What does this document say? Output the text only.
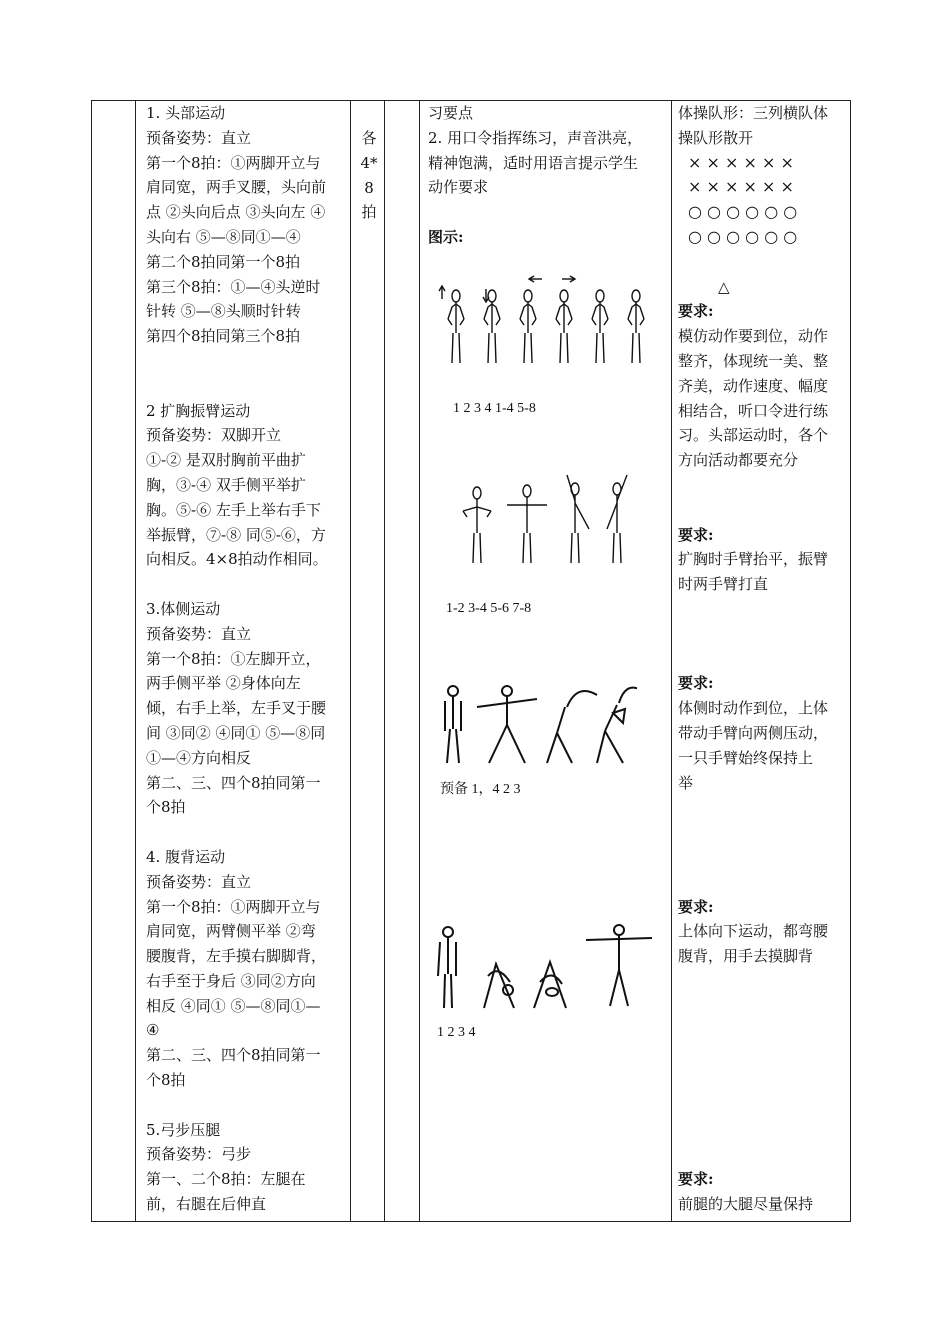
1. 头部运动

预备姿势：直立

第一个8拍：①两脚开立与

肩同宽，两手叉腰，头向前

点 ②头向后点 ③头向左 ④

头向右 ⑤—⑧同①—④

第二个8拍同第一个8拍

第三个8拍：①—④头逆时

针转 ⑤—⑧头顺时针转

第四个8拍同第三个8拍

2 扩胸振臂运动

预备姿势：双脚开立

①-② 是双肘胸前平曲扩

胸，③-④ 双手侧平举扩

胸。⑤-⑥ 左手上举右手下

举振臂，⑦-⑧ 同⑤-⑥，方

向相反。4×8拍动作相同。

3.体侧运动

预备姿势：直立

第一个8拍：①左脚开立，

两手侧平举 ②身体向左

倾，右手上举，左手叉于腰

间 ③同② ④同① ⑤—⑧同

①—④方向相反

第二、三、四个8拍同第一

个8拍

4. 腹背运动

预备姿势：直立

第一个8拍：①两脚开立与

肩同宽，两臂侧平举 ②弯

腰腹背，左手摸右脚脚背，

右手至于身后 ③同②方向

相反 ④同① ⑤—⑧同①—

④

第二、三、四个8拍同第一

个8拍

5.弓步压腿

预备姿势：弓步

第一、二个8拍：左腿在

前，右腿在后伸直

各

4*

8

拍

习要点

2. 用口令指挥练习，声音洪亮，

精神饱满，适时用语言提示学生

动作要求

图示:

1 2 3 4 1-4 5-8
1-2 3-4 5-6 7-8
预备 1，4 2 3
1 2 3 4

体操队形：三列横队体

操队形散开

× × × × × ×

× × × × × ×

○ ○ ○ ○ ○ ○

○ ○ ○ ○ ○ ○

△

要求:

模仿动作要到位，动作

整齐，体现统一美、整

齐美，动作速度、幅度

相结合，听口令进行练

习。头部运动时，各个

方向活动都要充分

要求:

扩胸时手臂抬平，振臂

时两手臂打直

要求:

体侧时动作到位，上体

带动手臂向两侧压动，

一只手臂始终保持上

举

要求:

上体向下运动，都弯腰

腹背，用手去摸脚背

要求:

前腿的大腿尽量保持
